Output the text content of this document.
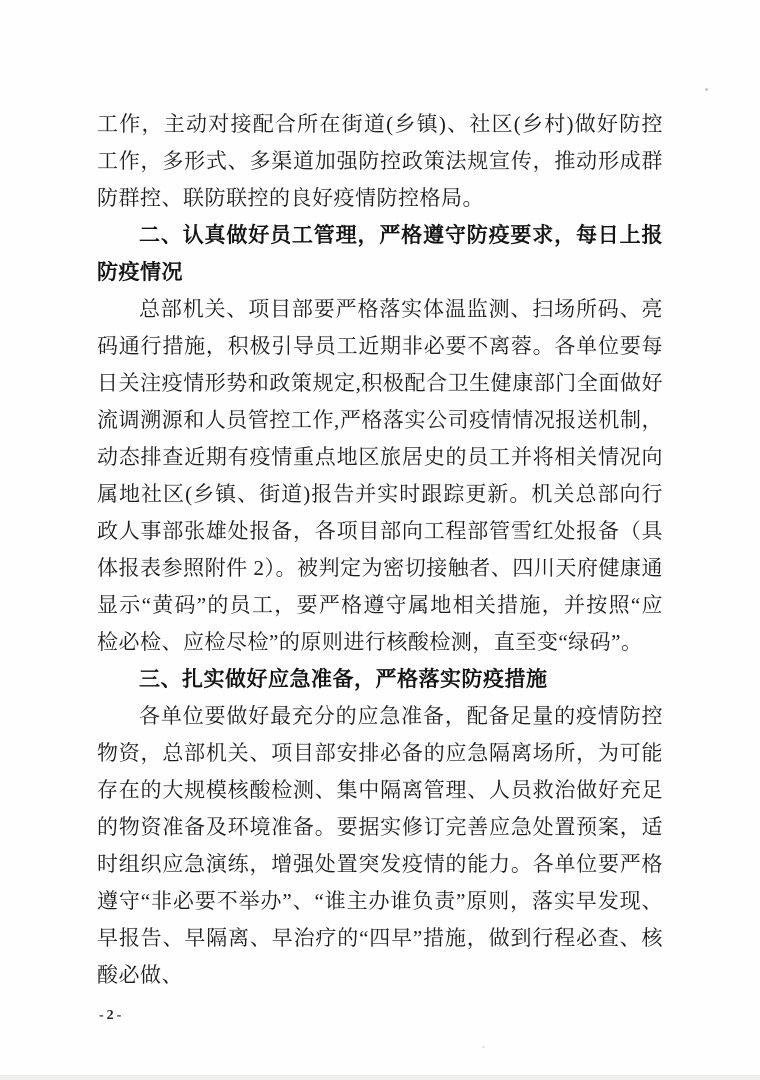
工作，主动对接配合所在街道(乡镇)、社区(乡村)做好防控工作，多形式、多渠道加强防控政策法规宣传，推动形成群防群控、联防联控的良好疫情防控格局。

二、认真做好员工管理，严格遵守防疫要求，每日上报防疫情况

总部机关、项目部要严格落实体温监测、扫场所码、亮码通行措施，积极引导员工近期非必要不离蓉。各单位要每日关注疫情形势和政策规定,积极配合卫生健康部门全面做好流调溯源和人员管控工作,严格落实公司疫情情况报送机制，动态排查近期有疫情重点地区旅居史的员工并将相关情况向属地社区(乡镇、街道)报告并实时跟踪更新。机关总部向行政人事部张雄处报备，各项目部向工程部管雪红处报备（具体报表参照附件 2）。被判定为密切接触者、四川天府健康通显示“黄码”的员工，要严格遵守属地相关措施，并按照“应检必检、应检尽检”的原则进行核酸检测，直至变“绿码”。

三、扎实做好应急准备，严格落实防疫措施

各单位要做好最充分的应急准备，配备足量的疫情防控物资，总部机关、项目部安排必备的应急隔离场所，为可能存在的大规模核酸检测、集中隔离管理、人员救治做好充足的物资准备及环境准备。要据实修订完善应急处置预案，适时组织应急演练，增强处置突发疫情的能力。各单位要严格遵守“非必要不举办”、“谁主办谁负责”原则，落实早发现、早报告、早隔离、早治疗的“四早”措施，做到行程必查、核酸必做、

-2-
